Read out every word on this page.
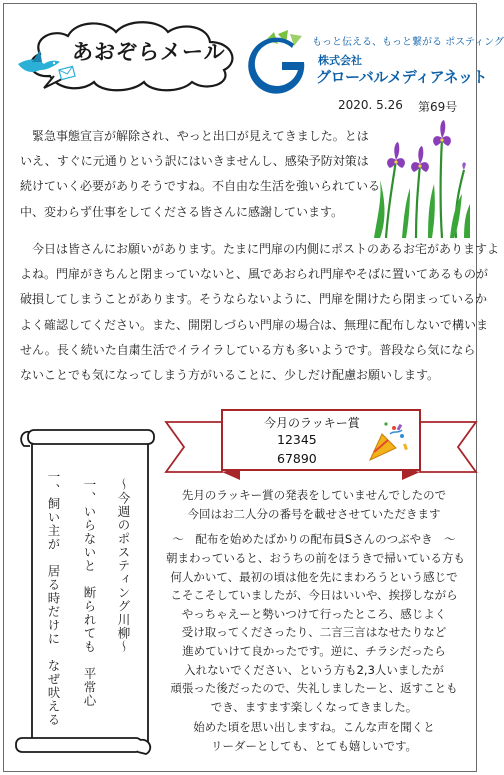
あおぞらメール	もっと伝える、もっと繋がる ポスティング
株式会社
グローバルメディアネット
2020. 5.26 第69号
　緊急事態宣言が解除され、やっと出口が見えてきました。とは
いえ、すぐに元通りという訳にはいきませんし、感染予防対策は
続けていく必要がありそうですね。不自由な生活を強いられている
中、変わらず仕事をしてくださる皆さんに感謝しています。
　今日は皆さんにお願いがあります。たまに門扉の内側にポストのあるお宅がありますよ
よね。門扉がきちんと閉まっていないと、風であおられ門扉やそばに置いてあるものが
破損してしまうことがあります。そうならないように、門扉を開けたら閉まっているか
よく確認してください。また、開閉しづらい門扉の場合は、無理に配布しないで構いま
せん。長く続いた自粛生活でイライラしている方も多いようです。普段なら気になら
ないことでも気になってしまう方がいることに、少しだけ配慮お願いします。
今月のラッキー賞
12345
67890
～今週のポスティング川柳～
一、いらないと　断られても　平常心
一、飼い主が　居る時だけに　なぜ吠える	先月のラッキー賞の発表をしていませんでしたので
今回はお二人分の番号を載せさせていただきます
～　配布を始めたばかりの配布員Sさんのつぶやき　～
朝まわっていると、おうちの前をほうきで掃いている方も
何人かいて、最初の頃は他を先にまわろうという感じで
こそこそしていましたが、今日はいいや、挨拶しながら
やっちゃえーと勢いつけて行ったところ、感じよく
受け取ってくださったり、二言三言はなせたりなど
進めていけて良かったです。逆に、チラシだったら
入れないでください、という方も2,3人いましたが
頑張った後だったので、失礼しましたーと、返すことも
でき、ますます楽しくなってきました。
始めた頃を思い出しますね。こんな声を聞くと
リーダーとしても、とても嬉しいです。
